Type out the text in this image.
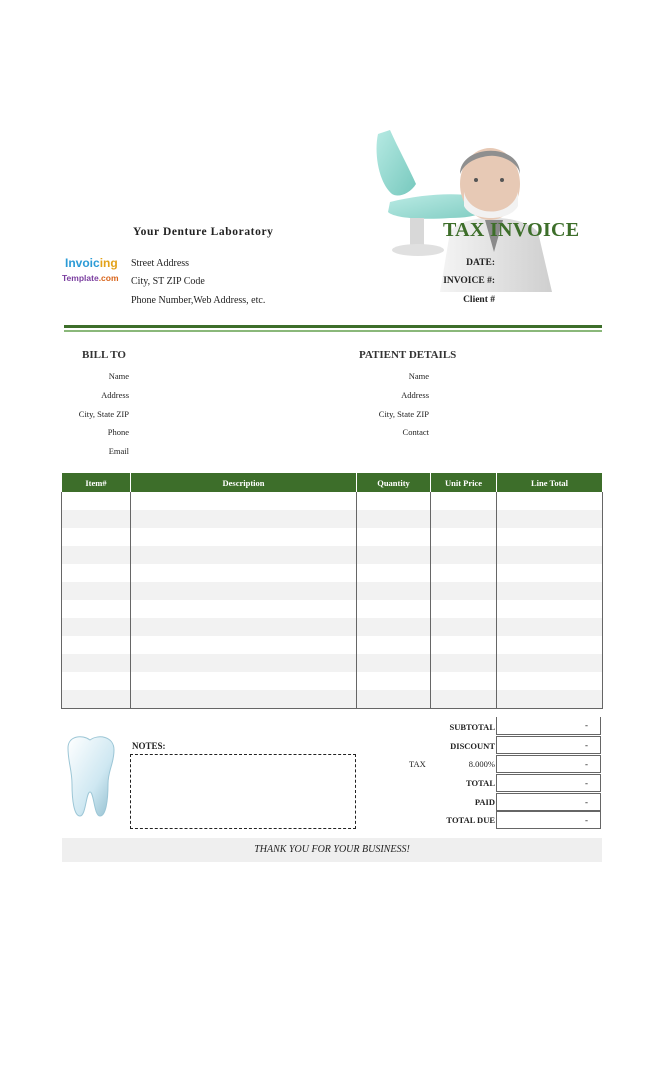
Your Denture Laboratory
Invoicing
Template.com
Street Address
City, ST ZIP Code
Phone Number,Web Address, etc.
TAX INVOICE
DATE:
INVOICE #:
Client #
BILL TO
Name
Address
City, State ZIP
Phone
Email
PATIENT DETAILS
Name
Address
City, State ZIP
Contact
Item#	Description	Quantity	Unit Price	Line Total

NOTES:
SUBTOTAL	-
DISCOUNT	-
TAX	8.000%	-
TOTAL	-
PAID	-
TOTAL DUE	-
THANK YOU FOR YOUR BUSINESS!
